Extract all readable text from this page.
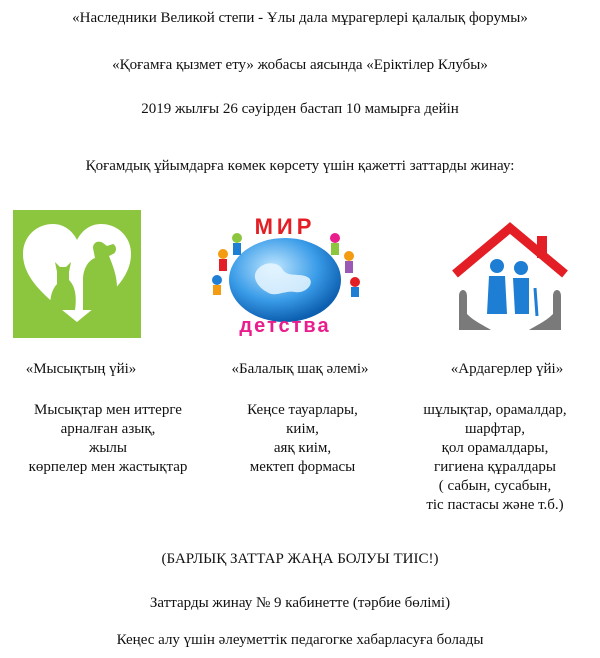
«Наследники Великой степи - Ұлы дала мұрагерлері қалалық форумы»
«Қоғамға қызмет ету» жобасы аясында «Еріктілер Клубы»
2019 жылғы 26 сәуірден бастап 10 мамырға дейін
Қоғамдық ұйымдарға көмек көрсету үшін қажетті заттарды жинау:
МИР
детства
«Мысықтың үйі»	«Балалық шақ әлемі»	«Ардагерлер үйі»
Мысықтар мен иттерге
арналған азық,
жылы
көрпелер мен жастықтар
Кеңсе тауарлары,
киім,
аяқ киім,
мектеп формасы
шұлықтар, орамалдар,
шарфтар,
қол орамалдары,
гигиена құралдары
( сабын, сусабын,
тіс пастасы және т.б.)
(БАРЛЫҚ ЗАТТАР ЖАҢА БОЛУЫ ТИІС!)
Заттарды жинау № 9 кабинетте (тәрбие бөлімі)
Кеңес алу үшін әлеуметтік педагогке хабарласуға болады
